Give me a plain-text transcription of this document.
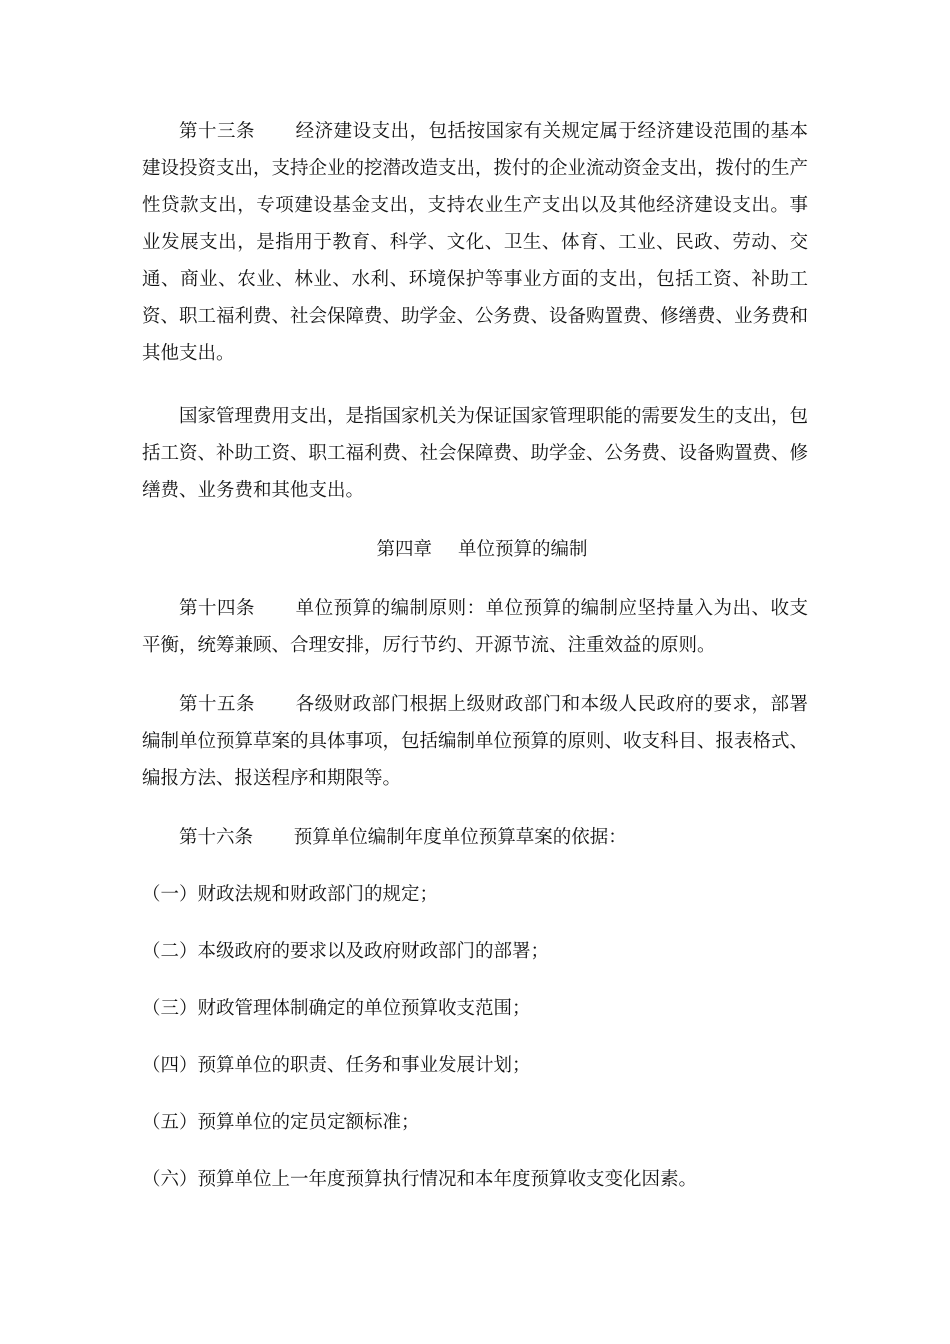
第十三条 经济建设支出，包括按国家有关规定属于经济建设范围的基本建设投资支出，支持企业的挖潜改造支出，拨付的企业流动资金支出，拨付的生产性贷款支出，专项建设基金支出，支持农业生产支出以及其他经济建设支出。事业发展支出，是指用于教育、科学、文化、卫生、体育、工业、民政、劳动、交通、商业、农业、林业、水利、环境保护等事业方面的支出，包括工资、补助工资、职工福利费、社会保障费、助学金、公务费、设备购置费、修缮费、业务费和其他支出。

国家管理费用支出，是指国家机关为保证国家管理职能的需要发生的支出，包括工资、补助工资、职工福利费、社会保障费、助学金、公务费、设备购置费、修缮费、业务费和其他支出。

第四章 单位预算的编制

第十四条 单位预算的编制原则：单位预算的编制应坚持量入为出、收支平衡，统筹兼顾、合理安排，厉行节约、开源节流、注重效益的原则。

第十五条 各级财政部门根据上级财政部门和本级人民政府的要求，部署编制单位预算草案的具体事项，包括编制单位预算的原则、收支科目、报表格式、编报方法、报送程序和期限等。

第十六条 预算单位编制年度单位预算草案的依据：

（一）财政法规和财政部门的规定；

（二）本级政府的要求以及政府财政部门的部署；

（三）财政管理体制确定的单位预算收支范围；

（四）预算单位的职责、任务和事业发展计划；

（五）预算单位的定员定额标准；

（六）预算单位上一年度预算执行情况和本年度预算收支变化因素。
